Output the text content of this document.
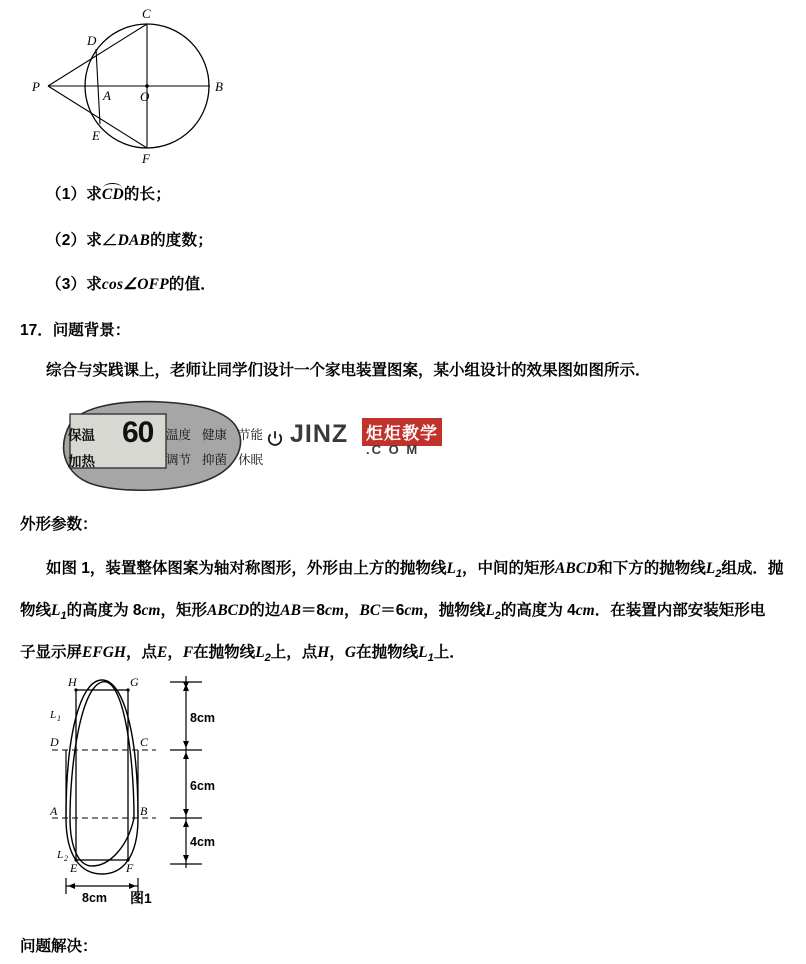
C
D
P
A O
B
E
F
（1）求
CD的长；
（2）求∠DAB的度数；
（3）求cos∠OFP的值．
17．问题背景：
综合与实践课上，老师让同学们设计一个家电装置图案，某小组设计的效果图如图所示．
保温
加热
60 温度 健康 节能
调节 抑菌 休眠
JINZ 炬炬教学
.C O M
外形参数：
如图 1，装置整体图案为轴对称图形，外形由上方的抛物线$L_1$，中间的矩形ABCD和下方的抛物线$L_2$组成．抛
物线$L_1$的高度为 8cm，矩形ABCD的边AB＝8cm，BC＝6cm，抛物线$L_2$的高度为 4cm．在装置内部安装矩形电
子显示屏EFGH，点E，F在抛物线$L_2$上，点H，G在抛物线$L_1$上．
H	G
D	C
A	B
E	F
L 1
L 2
8cm
6cm
4cm
8cm 图1
问题解决：
